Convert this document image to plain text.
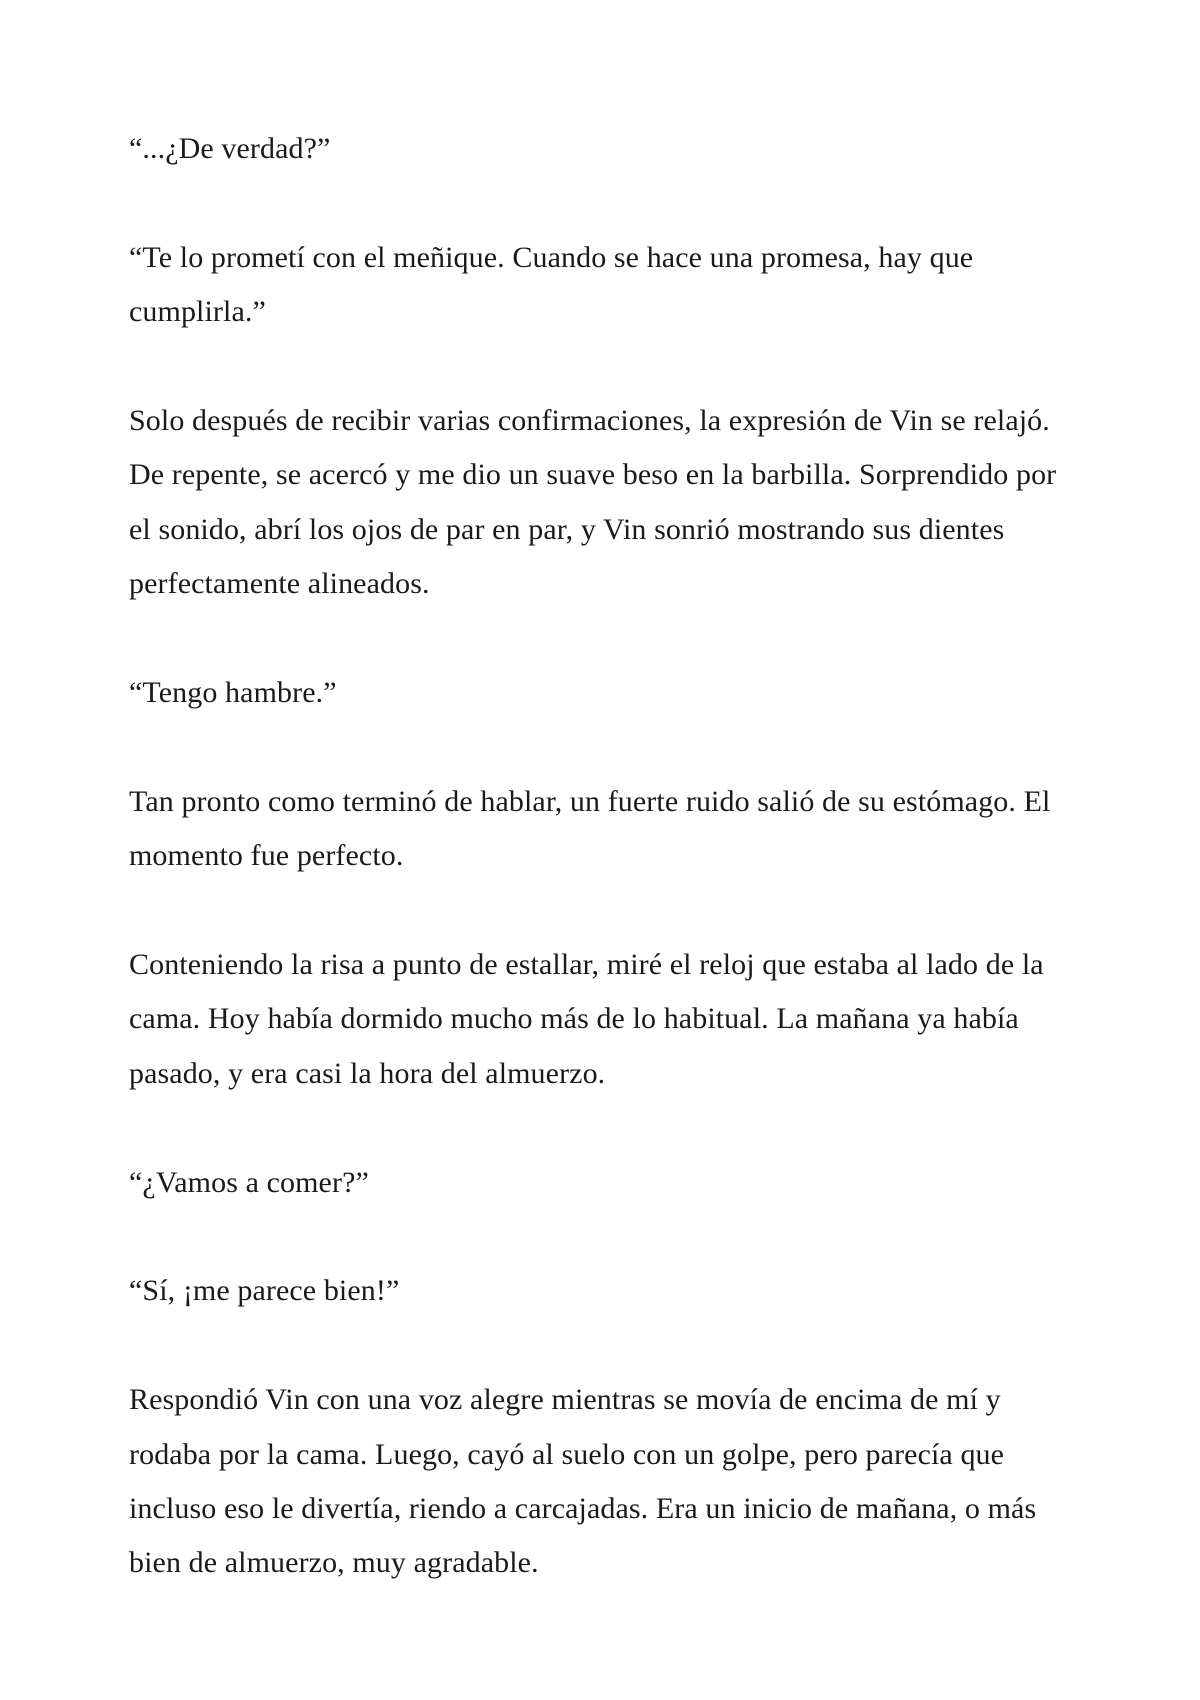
“...¿De verdad?”

“Te lo prometí con el meñique. Cuando se hace una promesa, hay que cumplirla.”

Solo después de recibir varias confirmaciones, la expresión de Vin se relajó. De repente, se acercó y me dio un suave beso en la barbilla. Sorprendido por el sonido, abrí los ojos de par en par, y Vin sonrió mostrando sus dientes perfectamente alineados.

“Tengo hambre.”

Tan pronto como terminó de hablar, un fuerte ruido salió de su estómago. El momento fue perfecto.

Conteniendo la risa a punto de estallar, miré el reloj que estaba al lado de la cama. Hoy había dormido mucho más de lo habitual. La mañana ya había pasado, y era casi la hora del almuerzo.

“¿Vamos a comer?”

“Sí, ¡me parece bien!”

Respondió Vin con una voz alegre mientras se movía de encima de mí y rodaba por la cama. Luego, cayó al suelo con un golpe, pero parecía que incluso eso le divertía, riendo a carcajadas. Era un inicio de mañana, o más bien de almuerzo, muy agradable.
